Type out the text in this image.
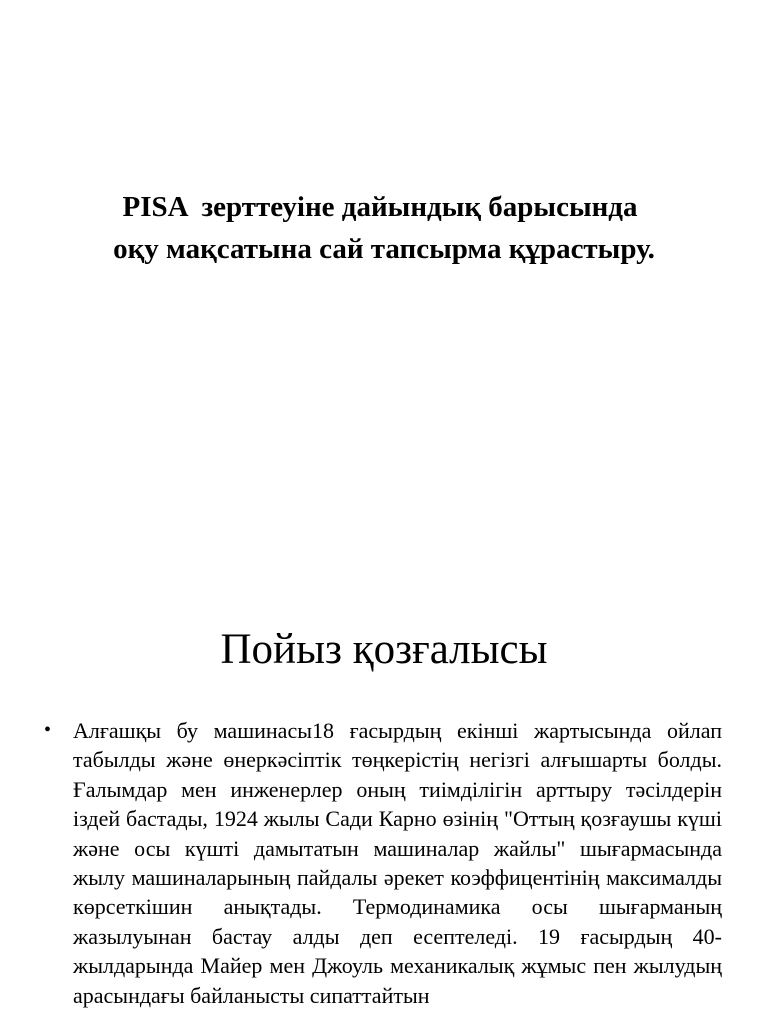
PISA  зерттеуіне дайындық барысында
оқу мақсатына сай тапсырма құрастыру.
Пойыз қозғалысы
• Алғашқы бу машинасы18 ғасырдың екінші жартысында ойлап табылды және өнеркәсіптік төңкерістің негізгі алғышарты болды. Ғалымдар мен инженерлер оның тиімділігін арттыру тәсілдерін іздей бастады, 1924 жылы Сади Карно өзінің "Оттың қозғаушы күші және осы күшті дамытатын машиналар жайлы" шығармасында жылу машиналарының пайдалы әрекет коэффицентінің максималды көрсеткішин анықтады. Термодинамика осы шығарманың жазылуынан бастау алды деп есептеледі. 19 ғасырдың 40-жылдарында Майер мен Джоуль механикалық жұмыс пен жылудың арасындағы байланысты сипаттайтын
